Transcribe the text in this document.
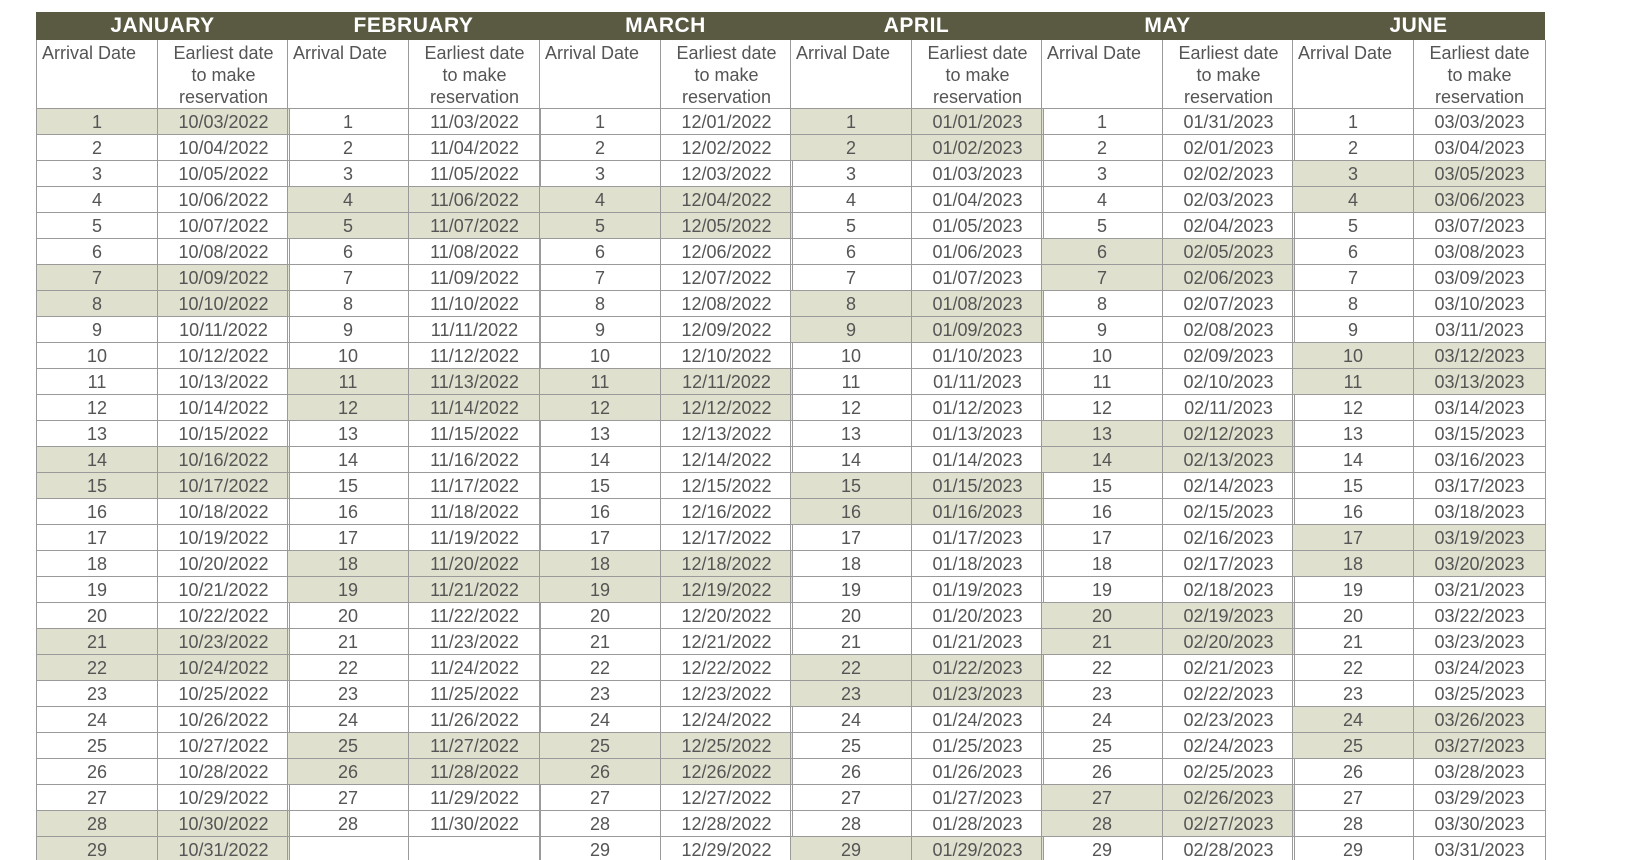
JANUARY
Arrival Date	Earliest date
to make
reservation
1	10/03/2022
2	10/04/2022
3	10/05/2022
4	10/06/2022
5	10/07/2022
6	10/08/2022
7	10/09/2022
8	10/10/2022
9	10/11/2022
10	10/12/2022
11	10/13/2022
12	10/14/2022
13	10/15/2022
14	10/16/2022
15	10/17/2022
16	10/18/2022
17	10/19/2022
18	10/20/2022
19	10/21/2022
20	10/22/2022
21	10/23/2022
22	10/24/2022
23	10/25/2022
24	10/26/2022
25	10/27/2022
26	10/28/2022
27	10/29/2022
28	10/30/2022
29	10/31/2022
FEBRUARY
Arrival Date	Earliest date
to make
reservation
1	11/03/2022
2	11/04/2022
3	11/05/2022
4	11/06/2022
5	11/07/2022
6	11/08/2022
7	11/09/2022
8	11/10/2022
9	11/11/2022
10	11/12/2022
11	11/13/2022
12	11/14/2022
13	11/15/2022
14	11/16/2022
15	11/17/2022
16	11/18/2022
17	11/19/2022
18	11/20/2022
19	11/21/2022
20	11/22/2022
21	11/23/2022
22	11/24/2022
23	11/25/2022
24	11/26/2022
25	11/27/2022
26	11/28/2022
27	11/29/2022
28	11/30/2022

MARCH
Arrival Date	Earliest date
to make
reservation
1	12/01/2022
2	12/02/2022
3	12/03/2022
4	12/04/2022
5	12/05/2022
6	12/06/2022
7	12/07/2022
8	12/08/2022
9	12/09/2022
10	12/10/2022
11	12/11/2022
12	12/12/2022
13	12/13/2022
14	12/14/2022
15	12/15/2022
16	12/16/2022
17	12/17/2022
18	12/18/2022
19	12/19/2022
20	12/20/2022
21	12/21/2022
22	12/22/2022
23	12/23/2022
24	12/24/2022
25	12/25/2022
26	12/26/2022
27	12/27/2022
28	12/28/2022
29	12/29/2022
APRIL
Arrival Date	Earliest date
to make
reservation
1	01/01/2023
2	01/02/2023
3	01/03/2023
4	01/04/2023
5	01/05/2023
6	01/06/2023
7	01/07/2023
8	01/08/2023
9	01/09/2023
10	01/10/2023
11	01/11/2023
12	01/12/2023
13	01/13/2023
14	01/14/2023
15	01/15/2023
16	01/16/2023
17	01/17/2023
18	01/18/2023
19	01/19/2023
20	01/20/2023
21	01/21/2023
22	01/22/2023
23	01/23/2023
24	01/24/2023
25	01/25/2023
26	01/26/2023
27	01/27/2023
28	01/28/2023
29	01/29/2023
MAY
Arrival Date	Earliest date
to make
reservation
1	01/31/2023
2	02/01/2023
3	02/02/2023
4	02/03/2023
5	02/04/2023
6	02/05/2023
7	02/06/2023
8	02/07/2023
9	02/08/2023
10	02/09/2023
11	02/10/2023
12	02/11/2023
13	02/12/2023
14	02/13/2023
15	02/14/2023
16	02/15/2023
17	02/16/2023
18	02/17/2023
19	02/18/2023
20	02/19/2023
21	02/20/2023
22	02/21/2023
23	02/22/2023
24	02/23/2023
25	02/24/2023
26	02/25/2023
27	02/26/2023
28	02/27/2023
29	02/28/2023
JUNE
Arrival Date	Earliest date
to make
reservation
1	03/03/2023
2	03/04/2023
3	03/05/2023
4	03/06/2023
5	03/07/2023
6	03/08/2023
7	03/09/2023
8	03/10/2023
9	03/11/2023
10	03/12/2023
11	03/13/2023
12	03/14/2023
13	03/15/2023
14	03/16/2023
15	03/17/2023
16	03/18/2023
17	03/19/2023
18	03/20/2023
19	03/21/2023
20	03/22/2023
21	03/23/2023
22	03/24/2023
23	03/25/2023
24	03/26/2023
25	03/27/2023
26	03/28/2023
27	03/29/2023
28	03/30/2023
29	03/31/2023
